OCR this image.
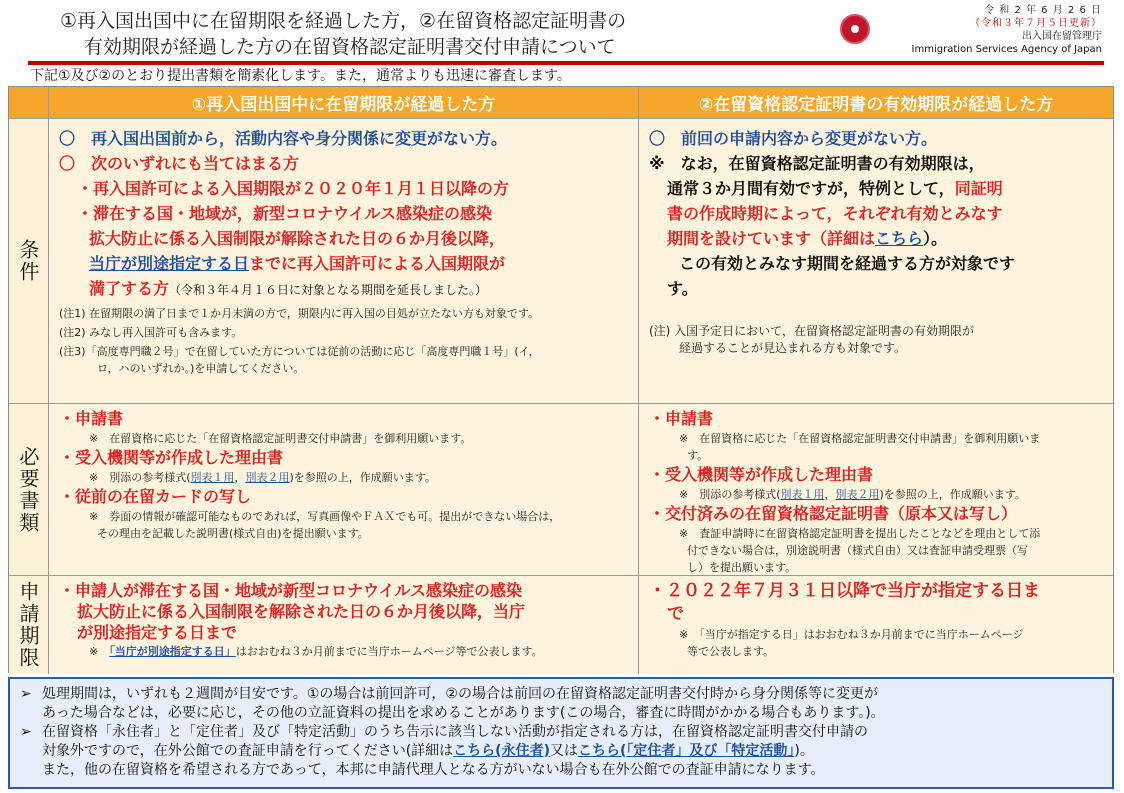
①再入国出国中に在留期限を経過した方，②在留資格認定証明書の
有効期限が経過した方の在留資格認定証明書交付申請について
令 和 2 年 6 月 2 6 日
（令和３年７月５日更新）
出入国在留管理庁
Immigration Services Agency of Japan
下記①及び②のとおり提出書類を簡素化します。また，通常よりも迅速に審査します。
①再入国出国中に在留期限が経過した方	②在留資格認定証明書の有効期限が経過した方
条件
〇　 再入国出国前から，活動内容や身分関係に変更がない方。
〇　 次のいずれにも当てはまる方
・再入国許可による入国期限が２０２０年１月１日以降の方
・滞在する国・地域が，新型コロナウイルス感染症の感染
拡大防止に係る入国制限が解除された日の６か月後以降，
当庁が別途指定する日までに再入国許可による入国期限が
満了する方（令和３年４月１６日に対象となる期間を延長しました。）
(注1) 在留期限の満了日まで１か月未満の方で，期限内に再入国の目処が立たない方も対象です。
(注2) みなし再入国許可も含みます。
(注3)「高度専門職２号」で在留していた方については従前の活動に応じ「高度専門職１号」(イ，
ロ，ハのいずれか。)を申請してください。
〇　 前回の申請内容から変更がない方。
※　 なお，在留資格認定証明書の有効期限は，
通常３か月間有効ですが，特例として，同証明
書の作成時期によって，それぞれ有効とみなす
期間を設けています（詳細はこちら）。
この有効とみなす期間を経過する方が対象です
す。
(注) 入国予定日において，在留資格認定証明書の有効期限が
経過することが見込まれる方も対象です。
必要書類
・申請書
※　在留資格に応じた「在留資格認定証明書交付申請書」を御利用願います。
・受入機関等が作成した理由書
※　別添の参考様式(別表１用，別表２用)を参照の上，作成願います。
・従前の在留カードの写し
※　券面の情報が確認可能なものであれば，写真画像やＦＡＸでも可。提出ができない場合は，
その理由を記載した説明書(様式自由)を提出願います。
・申請書
※　在留資格に応じた「在留資格認定証明書交付申請書」を御利用願いま
す。
・受入機関等が作成した理由書
※　別添の参考様式(別表１用，別表２用)を参照の上，作成願います。
・交付済みの在留資格認定証明書（原本又は写し）
※　査証申請時に在留資格認定証明書を提出したことなどを理由として添
付できない場合は，別途説明書（様式自由）又は査証申請受理票（写
し）を提出願います。
申請期限 ・申請人が滞在する国・地域が新型コロナウイルス感染症の感染
拡大防止に係る入国制限を解除された日の６か月後以降，当庁
が別途指定する日まで
※　 「当庁が別途指定する日」はおおむね３か月前までに当庁ホームページ等で公表します。
・２０２２年７月３１日以降で当庁が指定する日ま
で
※　「当庁が指定する日」はおおむね３か月前までに当庁ホームページ
等で公表します。
➢ 処理期間は，いずれも２週間が目安です。①の場合は前回許可，②の場合は前回の在留資格認定証明書交付時から身分関係等に変更が
あった場合などは，必要に応じ，その他の立証資料の提出を求めることがあります(この場合，審査に時間がかかる場合もあります。)。
➢ 在留資格「永住者」と「定住者」及び「特定活動」のうち告示に該当しない活動が指定される方は，在留資格認定証明書交付申請の
対象外ですので，在外公館での査証申請を行ってください(詳細はこちら(永住者)又はこちら(「定住者」及び「特定活動」)。
また，他の在留資格を希望される方であって，本邦に申請代理人となる方がいない場合も在外公館での査証申請になります。
